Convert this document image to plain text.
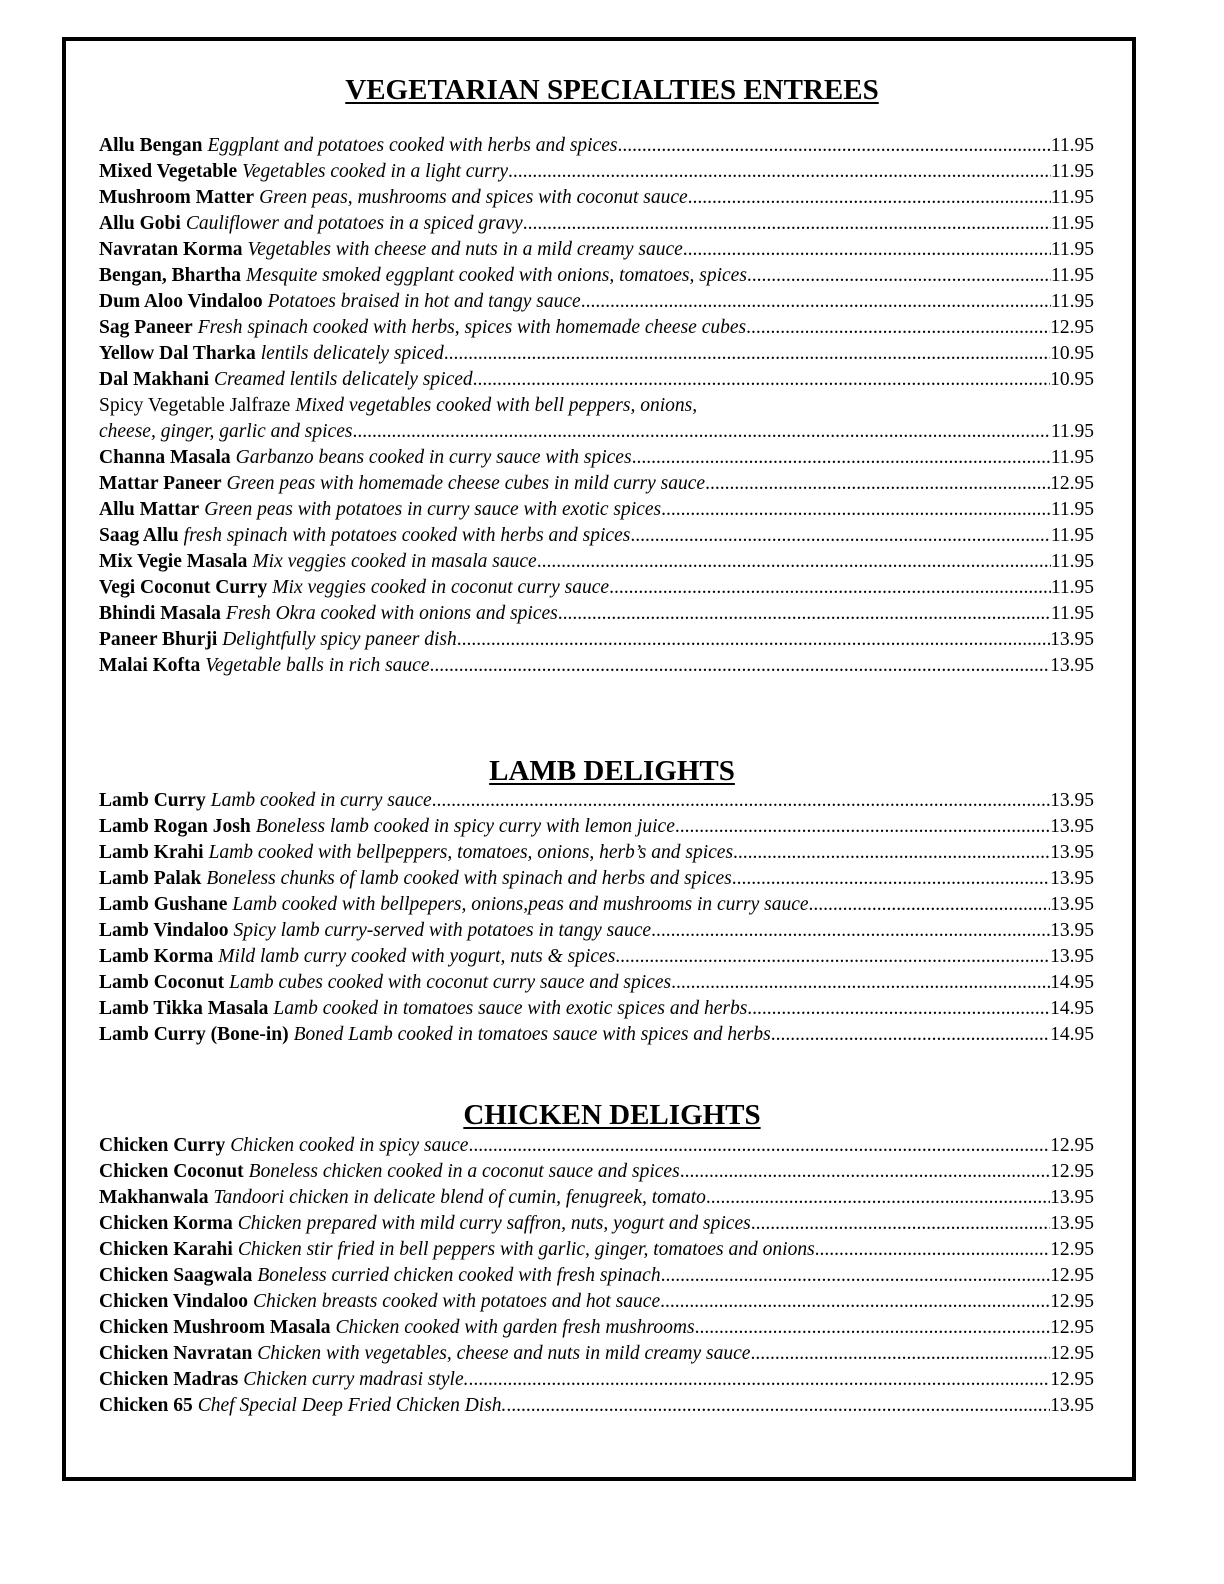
VEGETARIAN SPECIALTIES ENTREES
Allu Bengan Eggplant and potatoes cooked with herbs and spices .....	11.95
Mixed Vegetable Vegetables cooked in a light curry .....	11.95
Mushroom Matter Green peas, mushrooms and spices with coconut sauce .....	11.95
Allu Gobi Cauliflower and potatoes in a spiced gravy .....	11.95
Navratan Korma Vegetables with cheese and nuts in a mild creamy sauce .....	11.95
Bengan, Bhartha Mesquite smoked eggplant cooked with onions, tomatoes, spices .....	11.95
Dum Aloo Vindaloo Potatoes braised in hot and tangy sauce .....	11.95
Sag Paneer Fresh spinach cooked with herbs, spices with homemade cheese cubes .....	12.95
Yellow Dal Tharka lentils delicately spiced .....	10.95
Dal Makhani Creamed lentils delicately spiced .....	10.95
Spicy Vegetable Jalfraze Mixed vegetables cooked with bell peppers, onions,
cheese, ginger, garlic and spices .....	11.95
Channa Masala Garbanzo beans cooked in curry sauce with spices .....	11.95
Mattar Paneer Green peas with homemade cheese cubes in mild curry sauce .....	12.95
Allu Mattar Green peas with potatoes in curry sauce with exotic spices .....	11.95
Saag Allu fresh spinach with potatoes cooked with herbs and spices .....	11.95
Mix Vegie Masala Mix veggies cooked in masala sauce .....	11.95
Vegi Coconut Curry Mix veggies cooked in coconut curry sauce .....	11.95
Bhindi Masala Fresh Okra cooked with onions and spices .....	11.95
Paneer Bhurji Delightfully spicy paneer dish .....	13.95
Malai Kofta Vegetable balls in rich sauce .....	13.95
LAMB DELIGHTS
Lamb Curry Lamb cooked in curry sauce .....	13.95
Lamb Rogan Josh Boneless lamb cooked in spicy curry with lemon juice .....	13.95
Lamb Krahi Lamb cooked with bellpeppers, tomatoes, onions, herb’s and spices .....	13.95
Lamb Palak Boneless chunks of lamb cooked with spinach and herbs and spices .....	13.95
Lamb Gushane Lamb cooked with bellpepers, onions,peas and mushrooms in curry sauce .....	13.95
Lamb Vindaloo Spicy lamb curry-served with potatoes in tangy sauce .....	13.95
Lamb Korma Mild lamb curry cooked with yogurt, nuts & spices .....	13.95
Lamb Coconut Lamb cubes cooked with coconut curry sauce and spices .....	14.95
Lamb Tikka Masala Lamb cooked in tomatoes sauce with exotic spices and herbs .....	14.95
Lamb Curry (Bone-in) Boned Lamb cooked in tomatoes sauce with spices and herbs .....	14.95
CHICKEN DELIGHTS
Chicken Curry Chicken cooked in spicy sauce .....	12.95
Chicken Coconut Boneless chicken cooked in a coconut sauce and spices .....	12.95
Makhanwala Tandoori chicken in delicate blend of cumin, fenugreek, tomato .....	13.95
Chicken Korma Chicken prepared with mild curry saffron, nuts, yogurt and spices .....	13.95
Chicken Karahi Chicken stir fried in bell peppers with garlic, ginger, tomatoes and onions .....	12.95
Chicken Saagwala Boneless curried chicken cooked with fresh spinach .....	12.95
Chicken Vindaloo Chicken breasts cooked with potatoes and hot sauce .....	12.95
Chicken Mushroom Masala Chicken cooked with garden fresh mushrooms .....	12.95
Chicken Navratan Chicken with vegetables, cheese and nuts in mild creamy sauce .....	12.95
Chicken Madras Chicken curry madrasi style. .....	12.95
Chicken 65 Chef Special Deep Fried Chicken Dish. .....	13.95
